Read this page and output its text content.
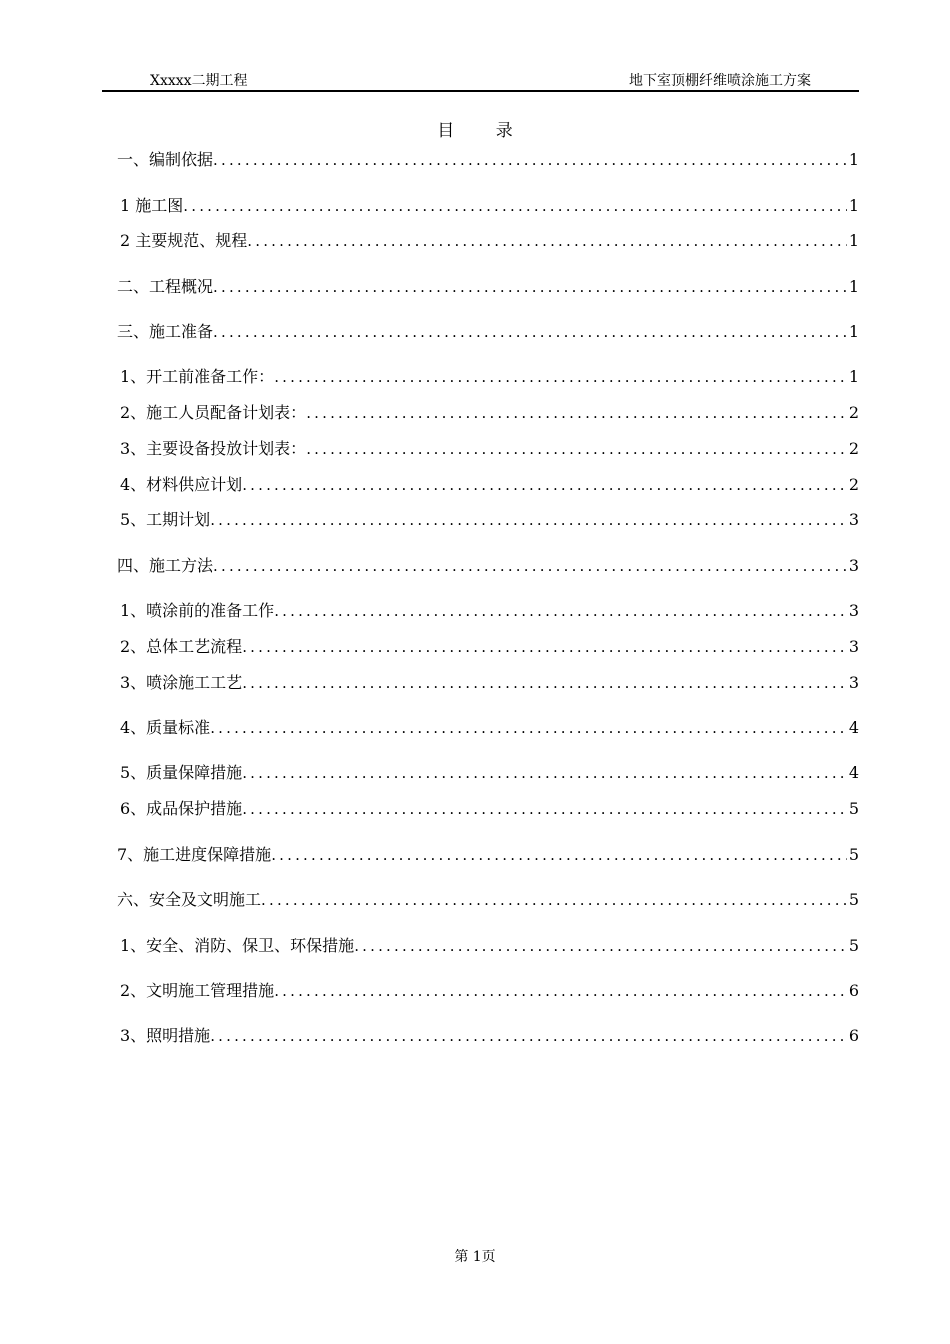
Xxxxx二期工程	地下室顶棚纤维喷涂施工方案
目 录
一、编制依据 .....	1
1 施工图 .....	1
2 主要规范、规程 .....	1
二、工程概况 .....	1
三、施工准备 .....	1
1、开工前准备工作： .....	1
2、施工人员配备计划表： .....	2
3、主要设备投放计划表： .....	2
4、材料供应计划 .....	2
5、工期计划 .....	3
四、施工方法 .....	3
1、喷涂前的准备工作 .....	3
2、总体工艺流程 .....	3
3、喷涂施工工艺 .....	3
4、质量标准 .....	4
5、质量保障措施 .....	4
6、成品保护措施 .....	5
7、施工进度保障措施 .....	5
六、安全及文明施工 .....	5
1、安全、消防、保卫、环保措施 .....	5
2、文明施工管理措施 .....	6
3、照明措施 .....	6
第 1页
